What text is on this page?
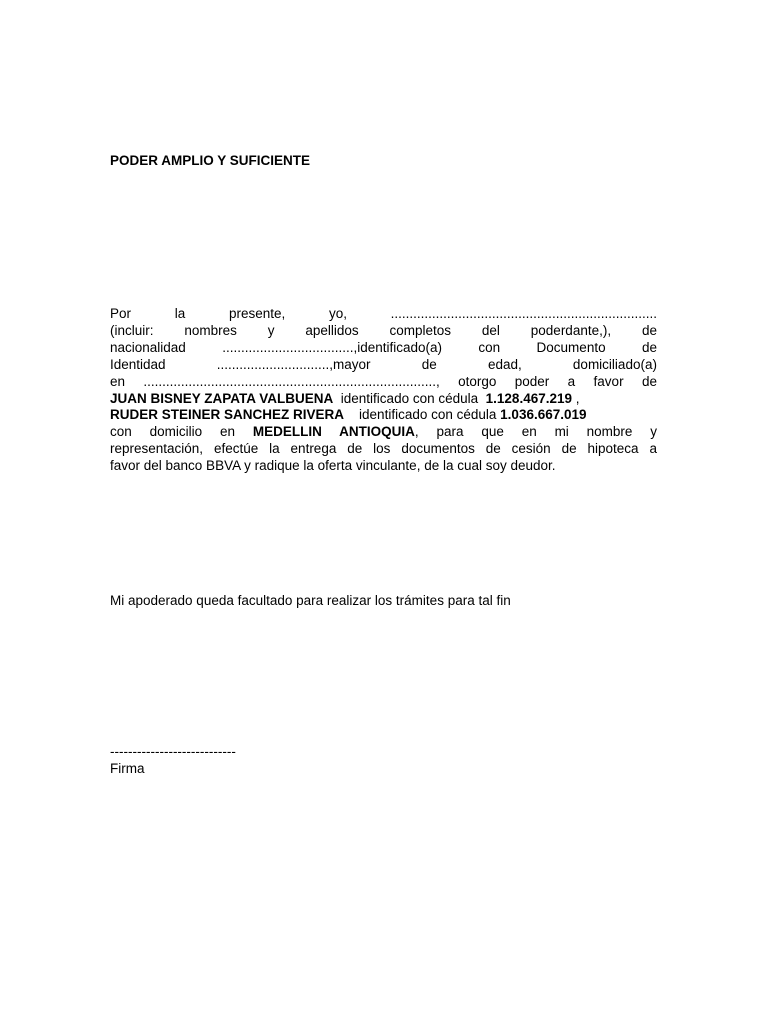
PODER AMPLIO Y SUFICIENTE
Por	la	presente,	yo,	.......................................................................
(incluir: nombres y apellidos completos del poderdante,), de
nacionalidad	...................................,identificado(a)	con	Documento	de
Identidad	..............................,mayor	de	edad,	domiciliado(a)
en .............................................................................., otorgo poder a favor de
JUAN BISNEY ZAPATA VALBUENA identificado con cédula 1.128.467.219 ,
RUDER STEINER SANCHEZ RIVERA identificado con cédula 1.036.667.019
con domicilio en MEDELLIN ANTIOQUIA, para que en mi nombre y
representación, efectúe la entrega de los documentos de cesión de hipoteca a
favor del banco BBVA y radique la oferta vinculante, de la cual soy deudor.
Mi apoderado queda facultado para realizar los trámites para tal fin
----------------------------
Firma
